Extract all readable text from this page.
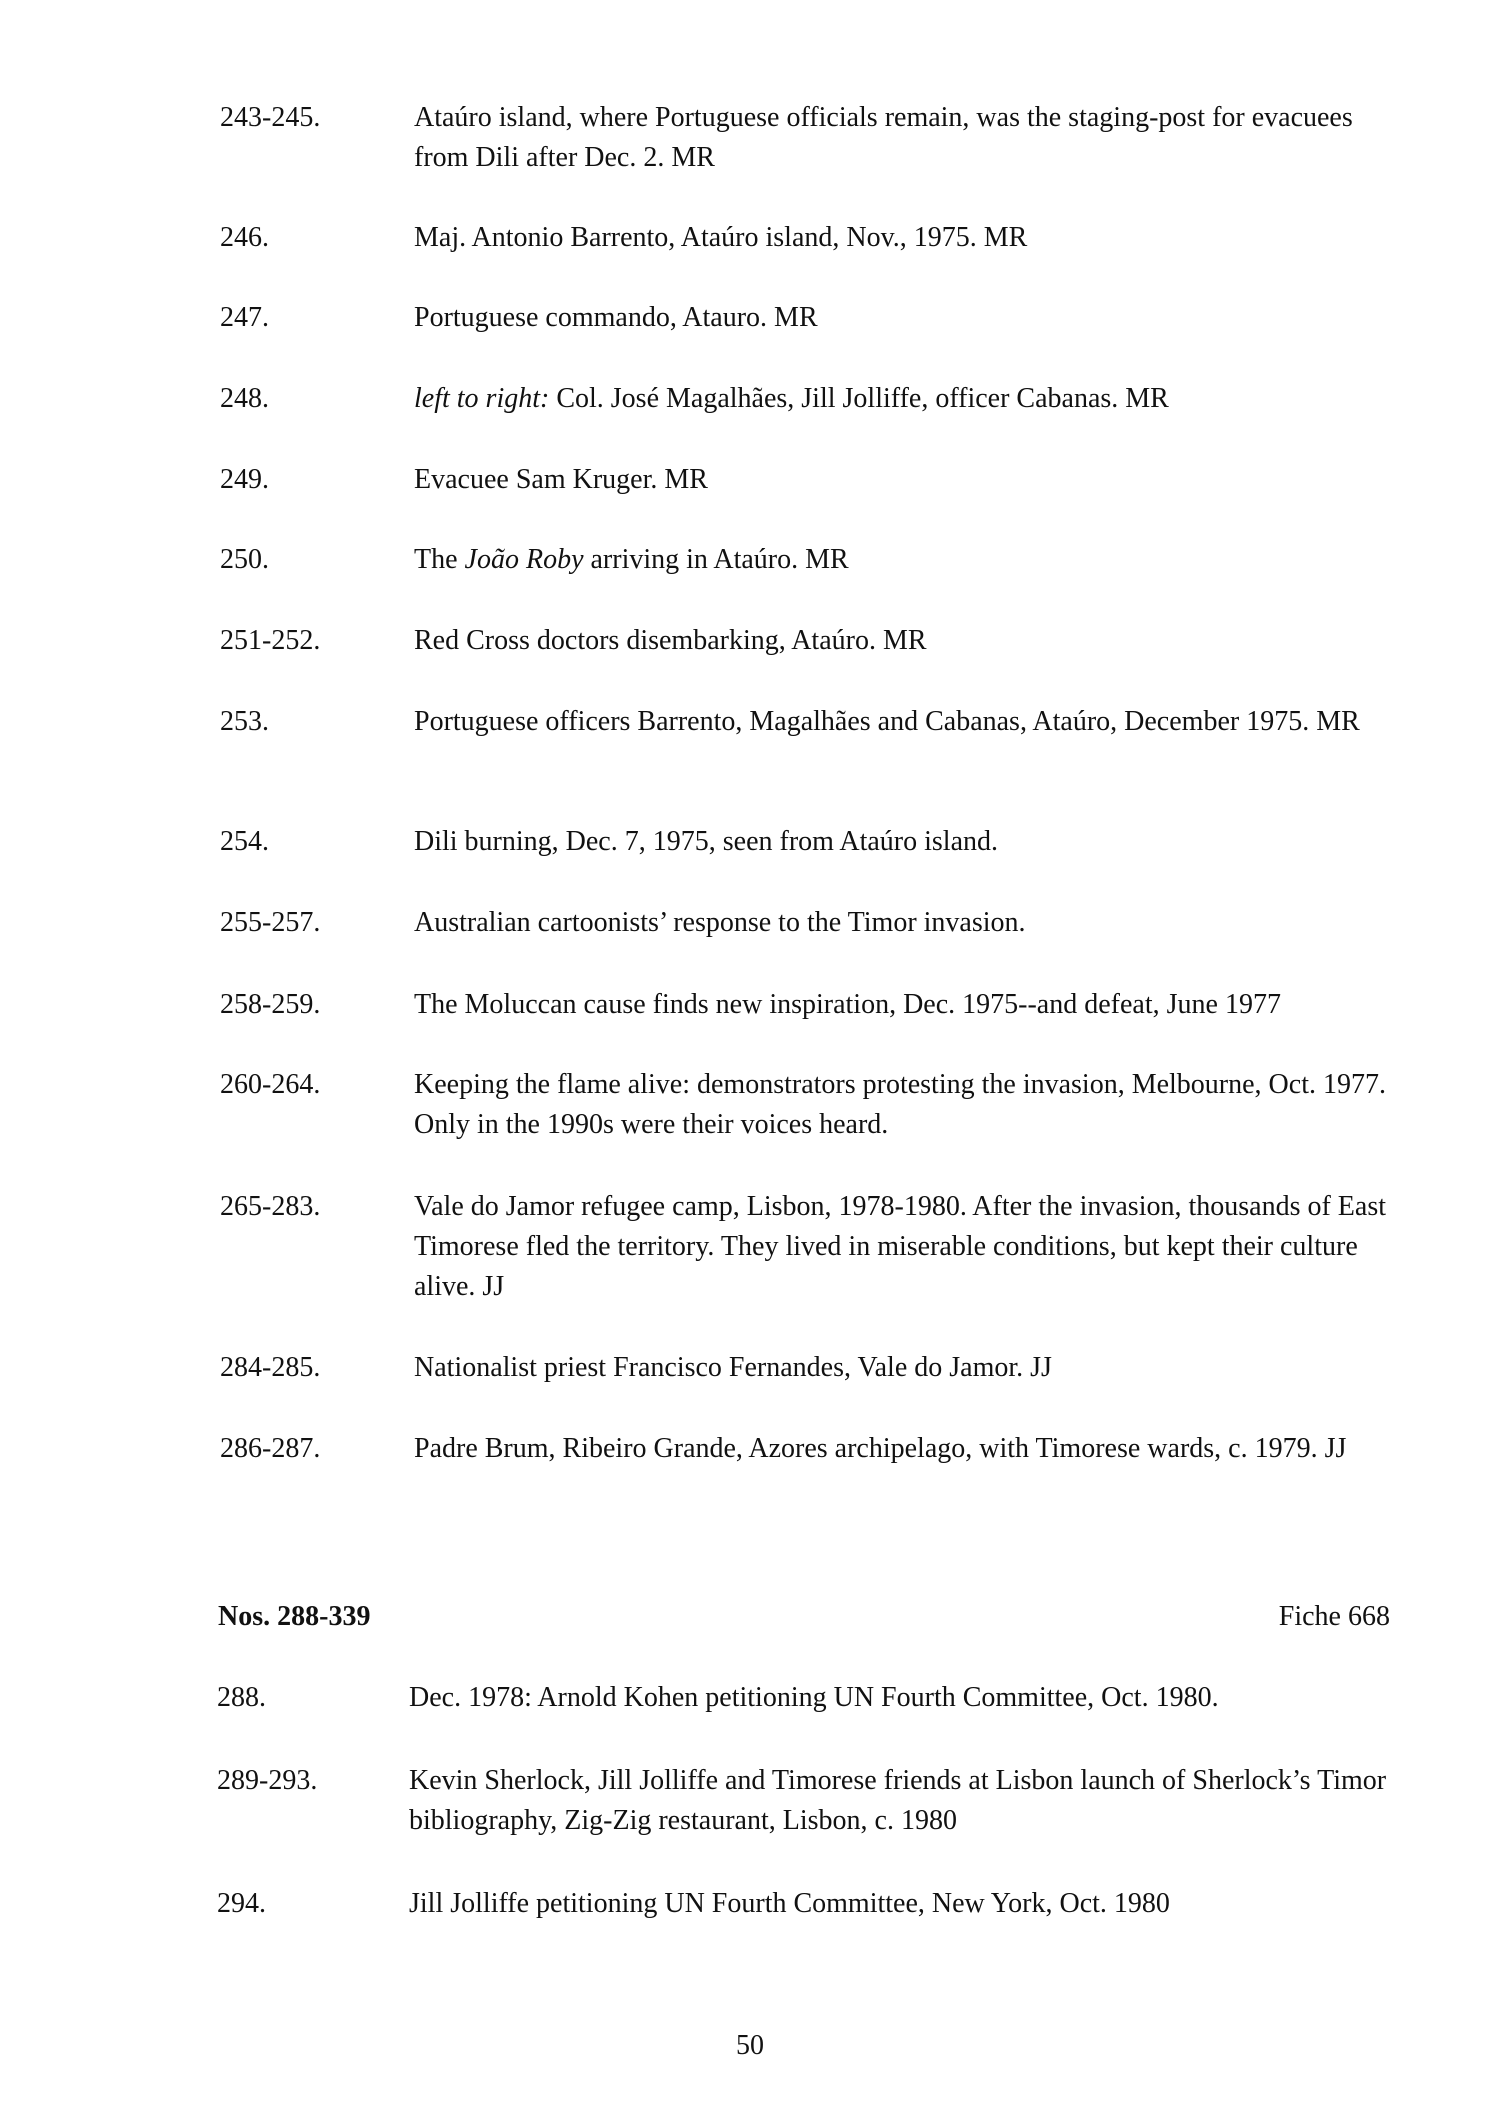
243-245.	Ataúro island, where Portuguese officials remain, was the staging-post for evacuees from Dili after Dec. 2. MR
246.	Maj. Antonio Barrento, Ataúro island, Nov., 1975. MR
247.	Portuguese commando, Atauro. MR
248.	left to right: Col. José Magalhães, Jill Jolliffe, officer Cabanas. MR
249.	Evacuee Sam Kruger. MR
250.	The João Roby arriving in Ataúro. MR
251-252.	Red Cross doctors disembarking, Ataúro. MR
253.	Portuguese officers Barrento, Magalhães and Cabanas, Ataúro, December 1975. MR
254.	Dili burning, Dec. 7, 1975, seen from Ataúro island.
255-257.	Australian cartoonists’ response to the Timor invasion.
258-259.	The Moluccan cause finds new inspiration, Dec. 1975--and defeat, June 1977
260-264.	Keeping the flame alive: demonstrators protesting the invasion, Melbourne, Oct. 1977. Only in the 1990s were their voices heard.
265-283.	Vale do Jamor refugee camp, Lisbon, 1978-1980. After the invasion, thousands of East Timorese fled the territory. They lived in miserable conditions, but kept their culture alive. JJ
284-285.	Nationalist priest Francisco Fernandes, Vale do Jamor. JJ
286-287.	Padre Brum, Ribeiro Grande, Azores archipelago, with Timorese wards, c. 1979. JJ
Nos. 288-339	Fiche 668
288.	Dec. 1978: Arnold Kohen petitioning UN Fourth Committee, Oct. 1980.
289-293.	Kevin Sherlock, Jill Jolliffe and Timorese friends at Lisbon launch of Sherlock’s Timor bibliography, Zig-Zig restaurant, Lisbon, c. 1980
294.	Jill Jolliffe petitioning UN Fourth Committee, New York, Oct. 1980
50
